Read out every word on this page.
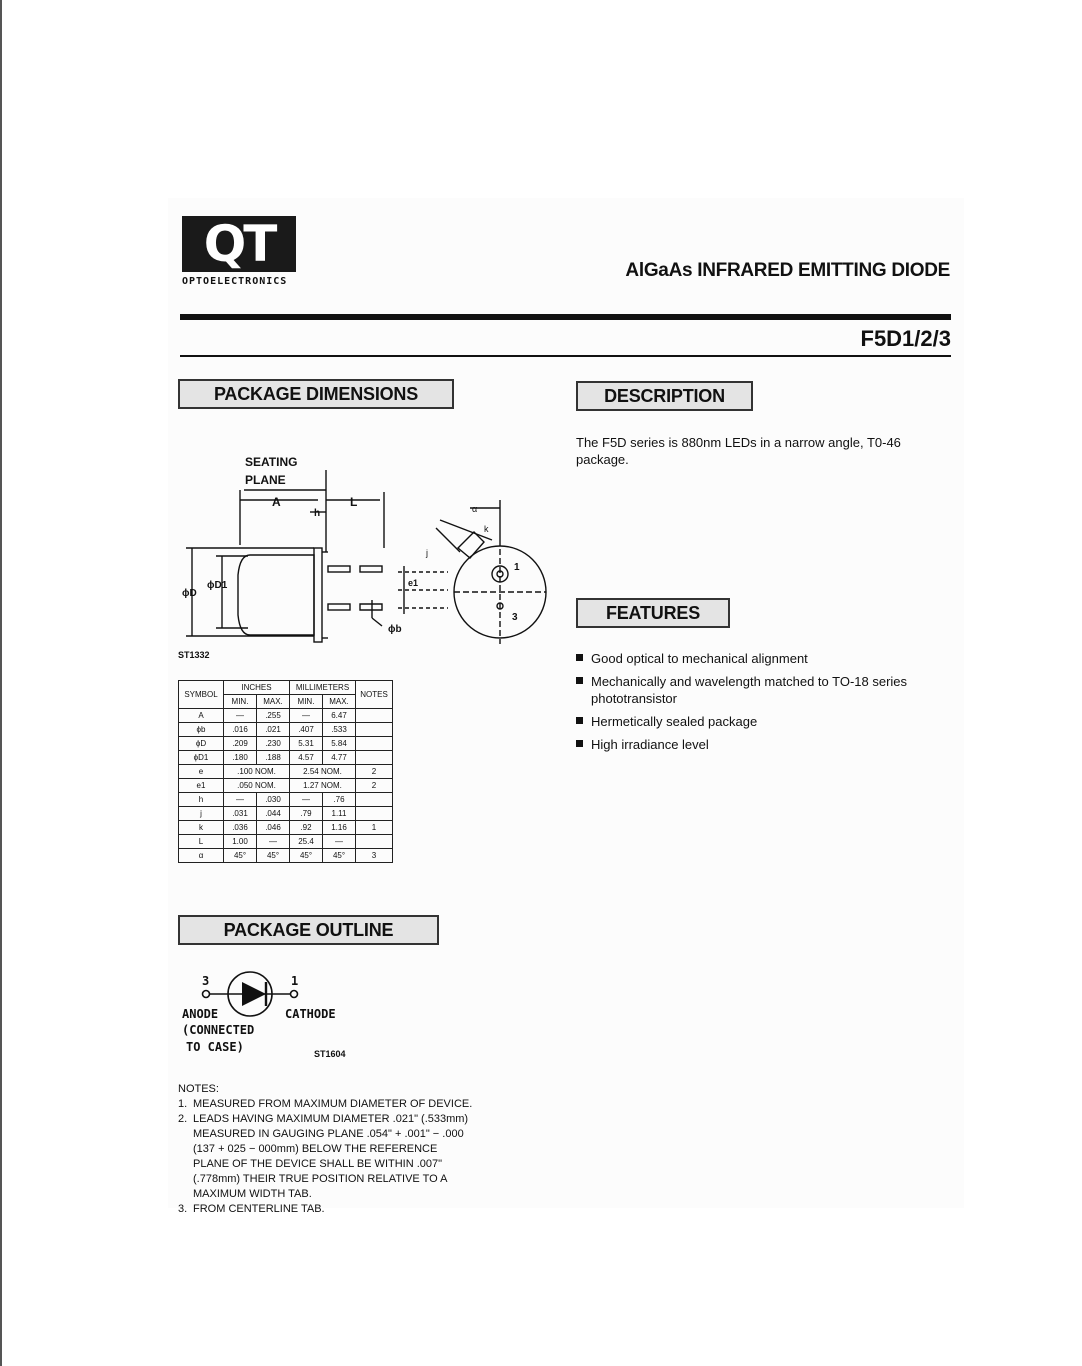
QT
OPTOELECTRONICS
AlGaAs INFRARED EMITTING DIODE
F5D1/2/3
PACKAGE DIMENSIONS	DESCRIPTION
FEATURES
PACKAGE OUTLINE
The F5D series is 880nm LEDs in a narrow angle, T0-46 package.
Good optical to mechanical alignment
Mechanically and wavelength matched to TO-18 series phototransistor
Hermetically sealed package
High irradiance level
SEATING
PLANE
A
h
L
ϕD
ϕD1
ϕb
e1
α
j
k
1
3
ST1332
SYMBOL	INCHES		MILLIMETERS		NOTES
	MIN.	MAX.	MIN.	MAX.	
A	—	.255	—	6.47	
ϕb	.016	.021	.407	.533	
ϕD	.209	.230	5.31	5.84	
ϕD1	.180	.188	4.57	4.77	
e	.100 NOM.		2.54 NOM.		2
e1	.050 NOM.		1.27 NOM.		2
h	—	.030	—	.76	
j	.031	.044	.79	1.11	
k	.036	.046	.92	1.16	1
L	1.00	—	25.4	—	
α	45°	45°	45°	45°	3
3	1
ANODE
(CONNECTED
TO CASE)
CATHODE
ST1604
NOTES:
1. MEASURED FROM MAXIMUM DIAMETER OF DEVICE.
2. LEADS HAVING MAXIMUM DIAMETER .021" (.533mm)
MEASURED IN GAUGING PLANE .054" + .001" − .000
(137 + 025 − 000mm) BELOW THE REFERENCE
PLANE OF THE DEVICE SHALL BE WITHIN .007"
(.778mm) THEIR TRUE POSITION RELATIVE TO A
MAXIMUM WIDTH TAB.
3. FROM CENTERLINE TAB.
